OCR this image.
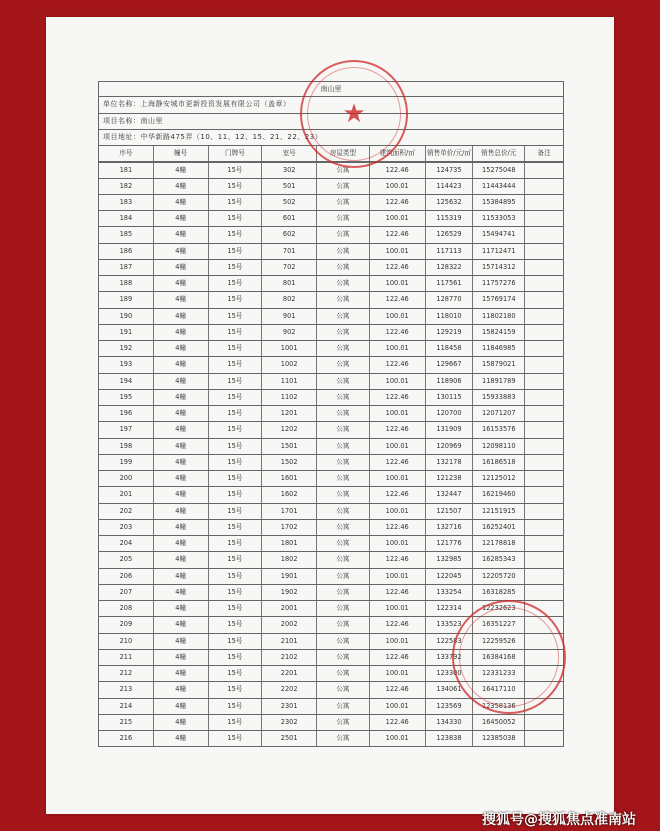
南山里
单位名称：上海静安城市更新投资发展有限公司（盖章）
项目名称：南山里
项目地址：中华新路475弄（10、11、12、15、21、22、23）
序号	幢号	门牌号	室号	房屋类型	建筑面积/㎡	销售单价/元/㎡	销售总价/元	备注
181	4幢	15号	302	公寓	122.46	124735	15275048
182	4幢	15号	501	公寓	100.01	114423	11443444
183	4幢	15号	502	公寓	122.46	125632	15384895
184	4幢	15号	601	公寓	100.01	115319	11533053
185	4幢	15号	602	公寓	122.46	126529	15494741
186	4幢	15号	701	公寓	100.01	117113	11712471
187	4幢	15号	702	公寓	122.46	128322	15714312
188	4幢	15号	801	公寓	100.01	117561	11757276
189	4幢	15号	802	公寓	122.46	128770	15769174
190	4幢	15号	901	公寓	100.01	118010	11802180
191	4幢	15号	902	公寓	122.46	129219	15824159
192	4幢	15号	1001	公寓	100.01	118458	11846985
193	4幢	15号	1002	公寓	122.46	129667	15879021
194	4幢	15号	1101	公寓	100.01	118906	11891789
195	4幢	15号	1102	公寓	122.46	130115	15933883
196	4幢	15号	1201	公寓	100.01	120700	12071207
197	4幢	15号	1202	公寓	122.46	131909	16153576
198	4幢	15号	1501	公寓	100.01	120969	12098110
199	4幢	15号	1502	公寓	122.46	132178	16186518
200	4幢	15号	1601	公寓	100.01	121238	12125012
201	4幢	15号	1602	公寓	122.46	132447	16219460
202	4幢	15号	1701	公寓	100.01	121507	12151915
203	4幢	15号	1702	公寓	122.46	132716	16252401
204	4幢	15号	1801	公寓	100.01	121776	12178818
205	4幢	15号	1802	公寓	122.46	132985	16285343
206	4幢	15号	1901	公寓	100.01	122045	12205720
207	4幢	15号	1902	公寓	122.46	133254	16318285
208	4幢	15号	2001	公寓	100.01	122314	12232623
209	4幢	15号	2002	公寓	122.46	133523	16351227
210	4幢	15号	2101	公寓	100.01	122583	12259526
211	4幢	15号	2102	公寓	122.46	133792	16384168
212	4幢	15号	2201	公寓	100.01	123300	12331233
213	4幢	15号	2202	公寓	122.46	134061	16417110
214	4幢	15号	2301	公寓	100.01	123569	12358136
215	4幢	15号	2302	公寓	122.46	134330	16450052
216	4幢	15号	2501	公寓	100.01	123838	12385038
★
搜狐号@搜狐焦点准南站
